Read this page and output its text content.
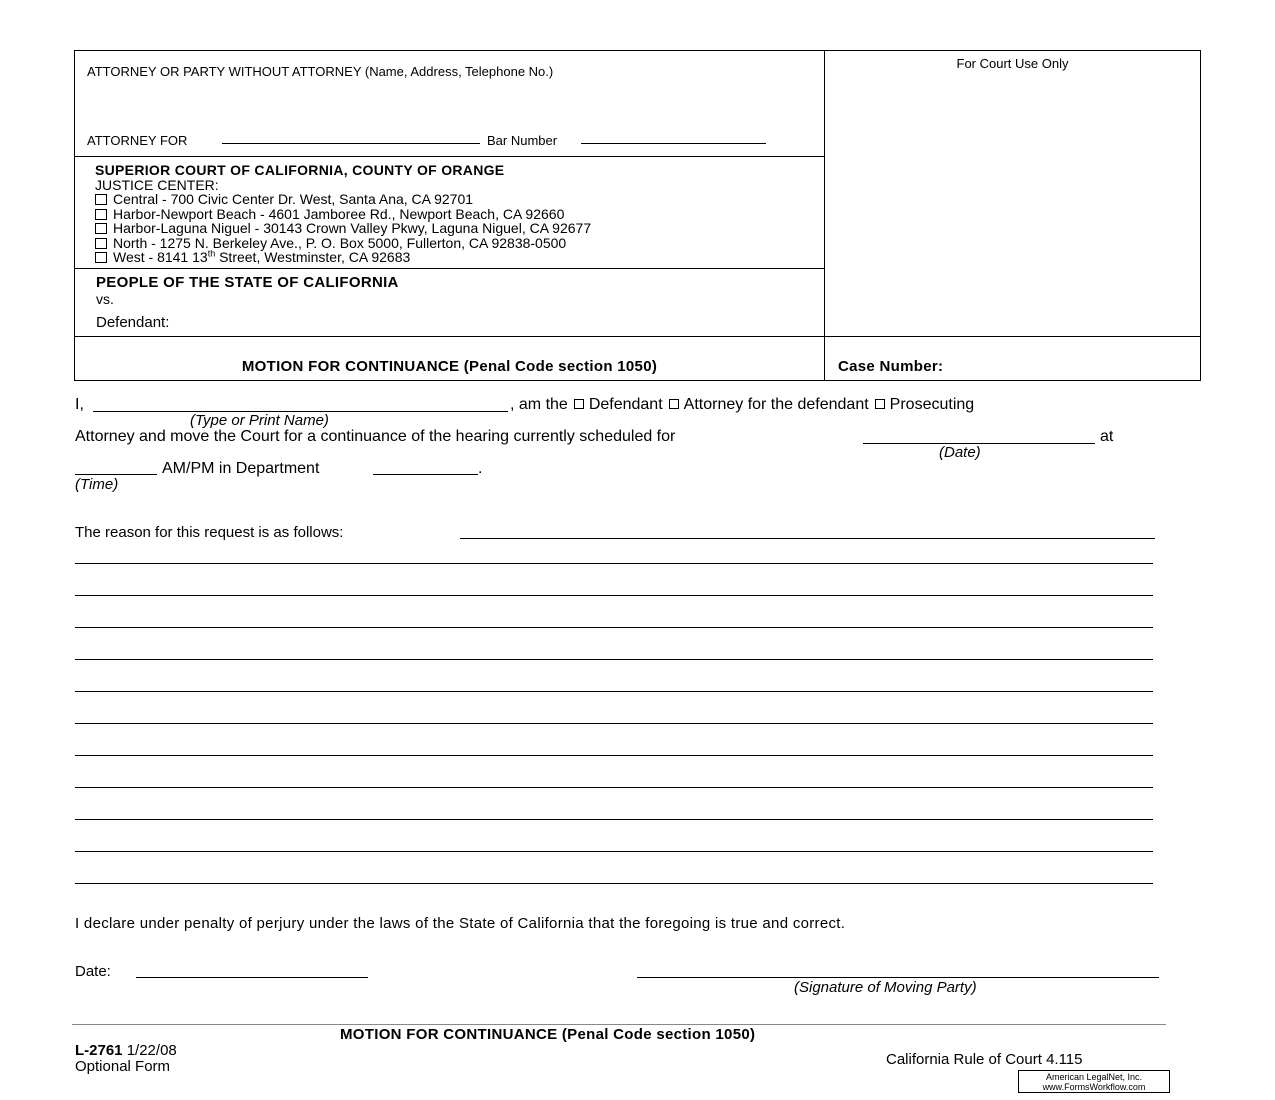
ATTORNEY OR PARTY WITHOUT ATTORNEY (Name, Address, Telephone No.)
ATTORNEY FOR	Bar Number
For Court Use Only
SUPERIOR COURT OF CALIFORNIA, COUNTY OF ORANGE
JUSTICE CENTER:
Central - 700 Civic Center Dr. West, Santa Ana, CA 92701
Harbor-Newport Beach - 4601 Jamboree Rd., Newport Beach, CA 92660
Harbor-Laguna Niguel - 30143 Crown Valley Pkwy, Laguna Niguel, CA 92677
North - 1275 N. Berkeley Ave., P. O. Box 5000, Fullerton, CA 92838-0500
West - 8141 13th Street, Westminster, CA 92683
PEOPLE OF THE STATE OF CALIFORNIA
vs.
Defendant:
MOTION FOR CONTINUANCE (Penal Code section 1050)	Case Number:
I,	, am the Defendant Attorney for the defendant Prosecuting
(Type or Print Name)
Attorney and move the Court for a continuance of the hearing currently scheduled for	at
(Date)
AM/PM in Department	.
(Time)
The reason for this request is as follows:
I declare under penalty of perjury under the laws of the State of California that the foregoing is true and correct.
Date:
(Signature of Moving Party)
MOTION FOR CONTINUANCE (Penal Code section 1050)
L-2761 1/22/08
Optional Form	California Rule of Court 4.115
American LegalNet, Inc.
www.FormsWorkflow.com
